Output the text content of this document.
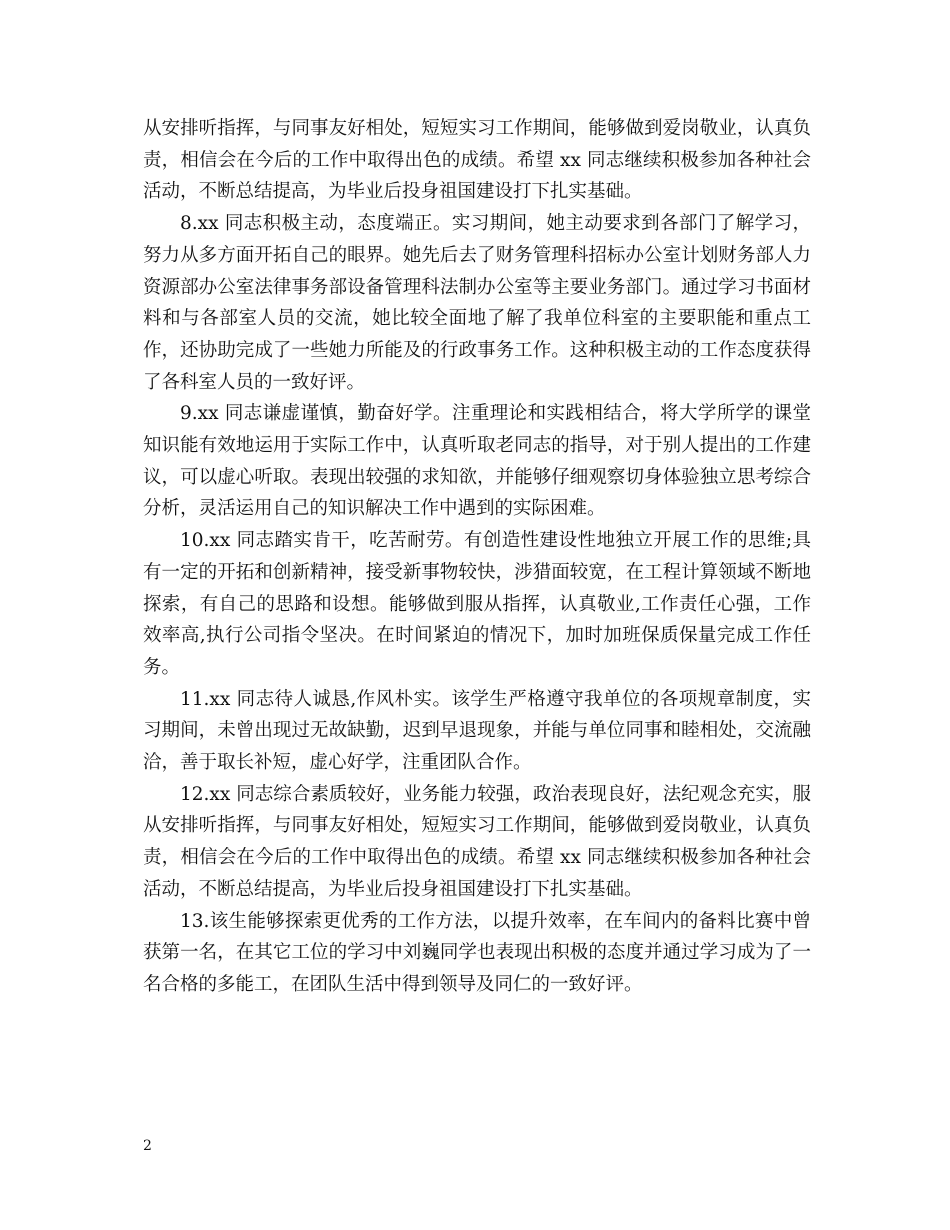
从安排听指挥，与同事友好相处，短短实习工作期间，能够做到爱岗敬业，认真负责，相信会在今后的工作中取得出色的成绩。希望 xx 同志继续积极参加各种社会活动，不断总结提高，为毕业后投身祖国建设打下扎实基础。

8.xx 同志积极主动，态度端正。实习期间，她主动要求到各部门了解学习，努力从多方面开拓自己的眼界。她先后去了财务管理科招标办公室计划财务部人力资源部办公室法律事务部设备管理科法制办公室等主要业务部门。通过学习书面材料和与各部室人员的交流，她比较全面地了解了我单位科室的主要职能和重点工作，还协助完成了一些她力所能及的行政事务工作。这种积极主动的工作态度获得了各科室人员的一致好评。

9.xx 同志谦虚谨慎，勤奋好学。注重理论和实践相结合，将大学所学的课堂知识能有效地运用于实际工作中，认真听取老同志的指导，对于别人提出的工作建议，可以虚心听取。表现出较强的求知欲，并能够仔细观察切身体验独立思考综合分析，灵活运用自己的知识解决工作中遇到的实际困难。

10.xx 同志踏实肯干，吃苦耐劳。有创造性建设性地独立开展工作的思维;具有一定的开拓和创新精神，接受新事物较快，涉猎面较宽，在工程计算领域不断地探索，有自己的思路和设想。能够做到服从指挥，认真敬业,工作责任心强，工作效率高,执行公司指令坚决。在时间紧迫的情况下，加时加班保质保量完成工作任务。

11.xx 同志待人诚恳,作风朴实。该学生严格遵守我单位的各项规章制度，实习期间，未曾出现过无故缺勤，迟到早退现象，并能与单位同事和睦相处，交流融洽，善于取长补短，虚心好学，注重团队合作。

12.xx 同志综合素质较好，业务能力较强，政治表现良好，法纪观念充实，服从安排听指挥，与同事友好相处，短短实习工作期间，能够做到爱岗敬业，认真负责，相信会在今后的工作中取得出色的成绩。希望 xx 同志继续积极参加各种社会活动，不断总结提高，为毕业后投身祖国建设打下扎实基础。

13.该生能够探索更优秀的工作方法，以提升效率，在车间内的备料比赛中曾获第一名，在其它工位的学习中刘巍同学也表现出积极的态度并通过学习成为了一名合格的多能工，在团队生活中得到领导及同仁的一致好评。

2
